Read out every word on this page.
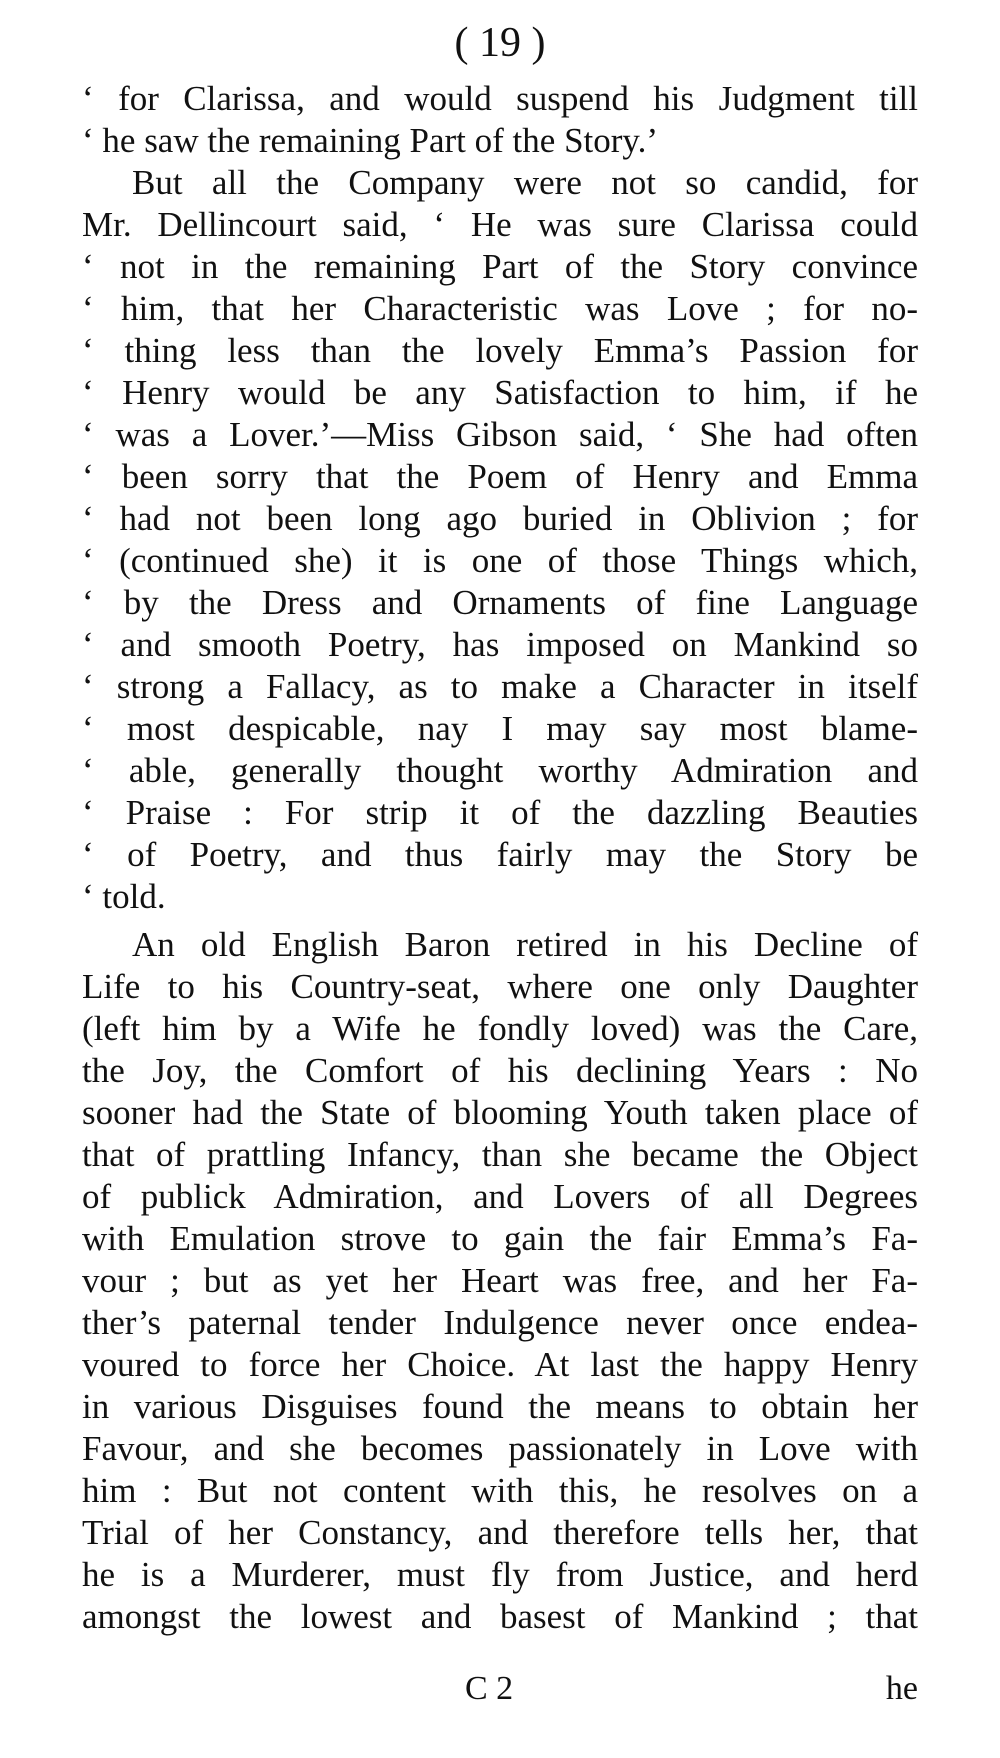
( 19 )
‘ for Clarissa, and would suspend his Judgment till
‘ he saw the remaining Part of the Story.’
But all the Company were not so candid, for
Mr. Dellincourt said, ‘ He was sure Clarissa could
‘ not in the remaining Part of the Story convince
‘ him, that her Characteristic was Love ; for no-
‘ thing less than the lovely Emma’s Passion for
‘ Henry would be any Satisfaction to him, if he
‘ was a Lover.’—Miss Gibson said, ‘ She had often
‘ been sorry that the Poem of Henry and Emma
‘ had not been long ago buried in Oblivion ; for
‘ (continued she) it is one of those Things which,
‘ by the Dress and Ornaments of fine Language
‘ and smooth Poetry, has imposed on Mankind so
‘ strong a Fallacy, as to make a Character in itself
‘ most despicable, nay I may say most blame-
‘ able, generally thought worthy Admiration and
‘ Praise : For strip it of the dazzling Beauties
‘ of Poetry, and thus fairly may the Story be
‘ told.
An old English Baron retired in his Decline of
Life to his Country-seat, where one only Daughter
(left him by a Wife he fondly loved) was the Care,
the Joy, the Comfort of his declining Years : No
sooner had the State of blooming Youth taken place of
that of prattling Infancy, than she became the Object
of publick Admiration, and Lovers of all Degrees
with Emulation strove to gain the fair Emma’s Fa-
vour ; but as yet her Heart was free, and her Fa-
ther’s paternal tender Indulgence never once endea-
voured to force her Choice. At last the happy Henry
in various Disguises found the means to obtain her
Favour, and she becomes passionately in Love with
him : But not content with this, he resolves on a
Trial of her Constancy, and therefore tells her, that
he is a Murderer, must fly from Justice, and herd
amongst the lowest and basest of Mankind ; that
C 2	he
